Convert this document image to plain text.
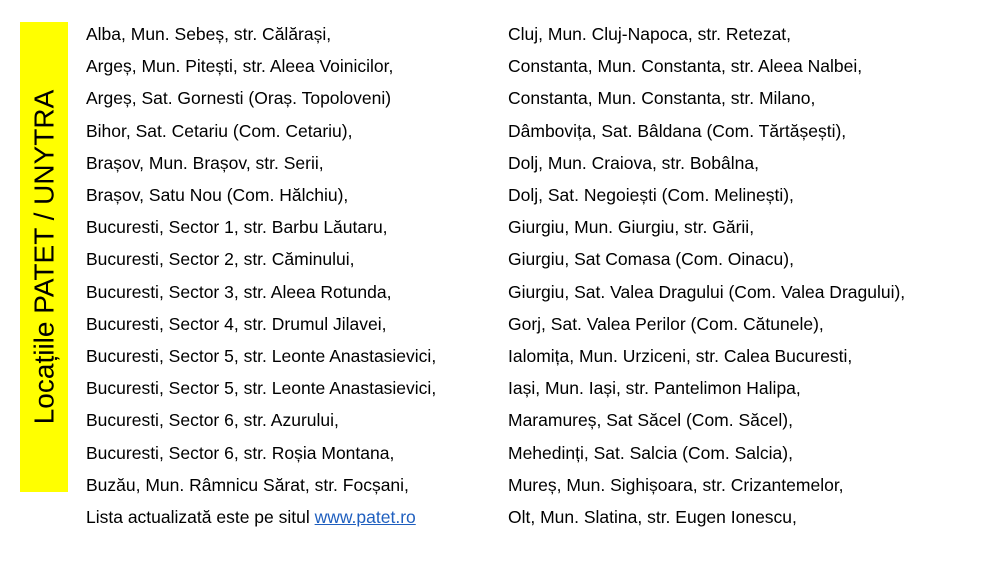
Locațiile PATET / UNYTRA
Alba, Mun. Sebeș, str. Călărași,
Argeș, Mun. Pitești, str. Aleea Voinicilor,
Argeș, Sat. Gornesti (Oraș. Topoloveni)
Bihor, Sat. Cetariu (Com. Cetariu),
Brașov, Mun. Brașov, str. Serii,
Brașov, Satu Nou (Com. Hălchiu),
Bucuresti, Sector 1, str. Barbu Lăutaru,
Bucuresti, Sector 2, str. Căminului,
Bucuresti, Sector 3, str. Aleea Rotunda,
Bucuresti, Sector 4, str. Drumul Jilavei,
Bucuresti, Sector 5, str. Leonte Anastasievici,
Bucuresti, Sector 5, str. Leonte Anastasievici,
Bucuresti, Sector 6, str. Azurului,
Bucuresti, Sector 6, str. Roșia Montana,
Buzău, Mun. Râmnicu Sărat, str. Focșani,
Lista actualizată este pe situl www.patet.ro
Cluj, Mun. Cluj-Napoca, str. Retezat,
Constanta, Mun. Constanta, str. Aleea Nalbei,
Constanta, Mun. Constanta, str. Milano,
Dâmbovița, Sat. Bâldana (Com. Tărtășești),
Dolj, Mun. Craiova, str. Bobâlna,
Dolj, Sat. Negoiești (Com. Melinești),
Giurgiu, Mun. Giurgiu, str. Gării,
Giurgiu, Sat Comasa (Com. Oinacu),
Giurgiu, Sat. Valea Dragului (Com. Valea Dragului),
Gorj, Sat. Valea Perilor (Com. Cătunele),
Ialomița, Mun. Urziceni, str. Calea Bucuresti,
Iași, Mun. Iași, str. Pantelimon Halipa,
Maramureș, Sat Săcel (Com. Săcel),
Mehedinți, Sat. Salcia (Com. Salcia),
Mureș, Mun. Sighișoara, str. Crizantemelor,
Olt, Mun. Slatina, str. Eugen Ionescu,
